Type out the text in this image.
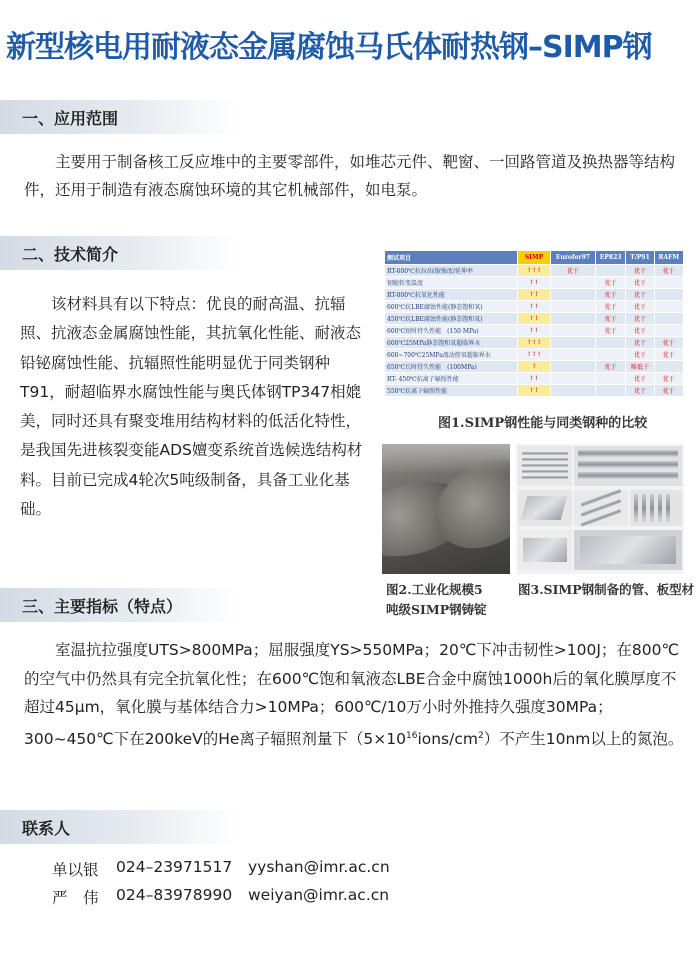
新型核电用耐液态金属腐蚀马氏体耐热钢–SIMP钢
一、应用范围
主要用于制备核工反应堆中的主要零部件，如堆芯元件、靶窗、一回路管道及换热器等结构件，还用于制造有液态腐蚀环境的其它机械部件，如电泵。
二、技术简介
该材料具有以下特点：优良的耐高温、抗辐照、抗液态金属腐蚀性能，其抗氧化性能、耐液态铅铋腐蚀性能、抗辐照性能明显优于同类钢种T91，耐超临界水腐蚀性能与奥氏体钢TP347相媲美，同时还具有聚变堆用结构材料的低活化特性，是我国先进核裂变能ADS嬗变系统首选候选结构材料。目前已完成4轮次5吨级制备，具备工业化基础。
测试项目	SIMP	Eurofer97	EP823	T/P91	RAFM
RT-600℃抗拉/屈服强度/延伸率	↑↑↑	优于		优于	优于
韧脆转变温度	↑↑		优于	优于	
RT-800℃抗氧化性能	↑↑		优于	优于	
600℃抗LBE腐蚀性能(静态饱和氧)	↑↑		优于	优于	
450℃抗LBE腐蚀性能(静态饱和氧)	↑↑		优于	优于	
600℃短时持久性能　(150 MPa)	↑↑		优于	优于	
600℃25MPa静态饱和氧超临界水	↑↑↑			优于	优于
600~700℃25MPa流动控氧超临界水	↑↑↑			优于	优于
650℃长时持久性能　(100MPa)	↑		优于	略低于	
RT- 450℃抗离子辐照性能	↑↑			优于	优于
550℃抗离子辐照性能	↑↑			优于	优于
图1.SIMP钢性能与同类钢种的比较
图2.工业化规模5
吨级SIMP钢铸锭
图3.SIMP钢制备的管、板型材
三、主要指标（特点）
室温抗拉强度UTS>800MPa；屈服强度YS>550MPa；20℃下冲击韧性>100J；在800℃的空气中仍然具有完全抗氧化性；在600℃饱和氧液态LBE合金中腐蚀1000h后的氧化膜厚度不超过45μm，氧化膜与基体结合力>10MPa；600℃/10万小时外推持久强度30MPa；300~450℃下在200keV的He离子辐照剂量下$(5\times 10^{16}ions/cm^2)$不产生10nm以上的氮泡。
联系人
单以银 024–23971517 yyshan@imr.ac.cn
严　伟 024–83978990 weiyan@imr.ac.cn
